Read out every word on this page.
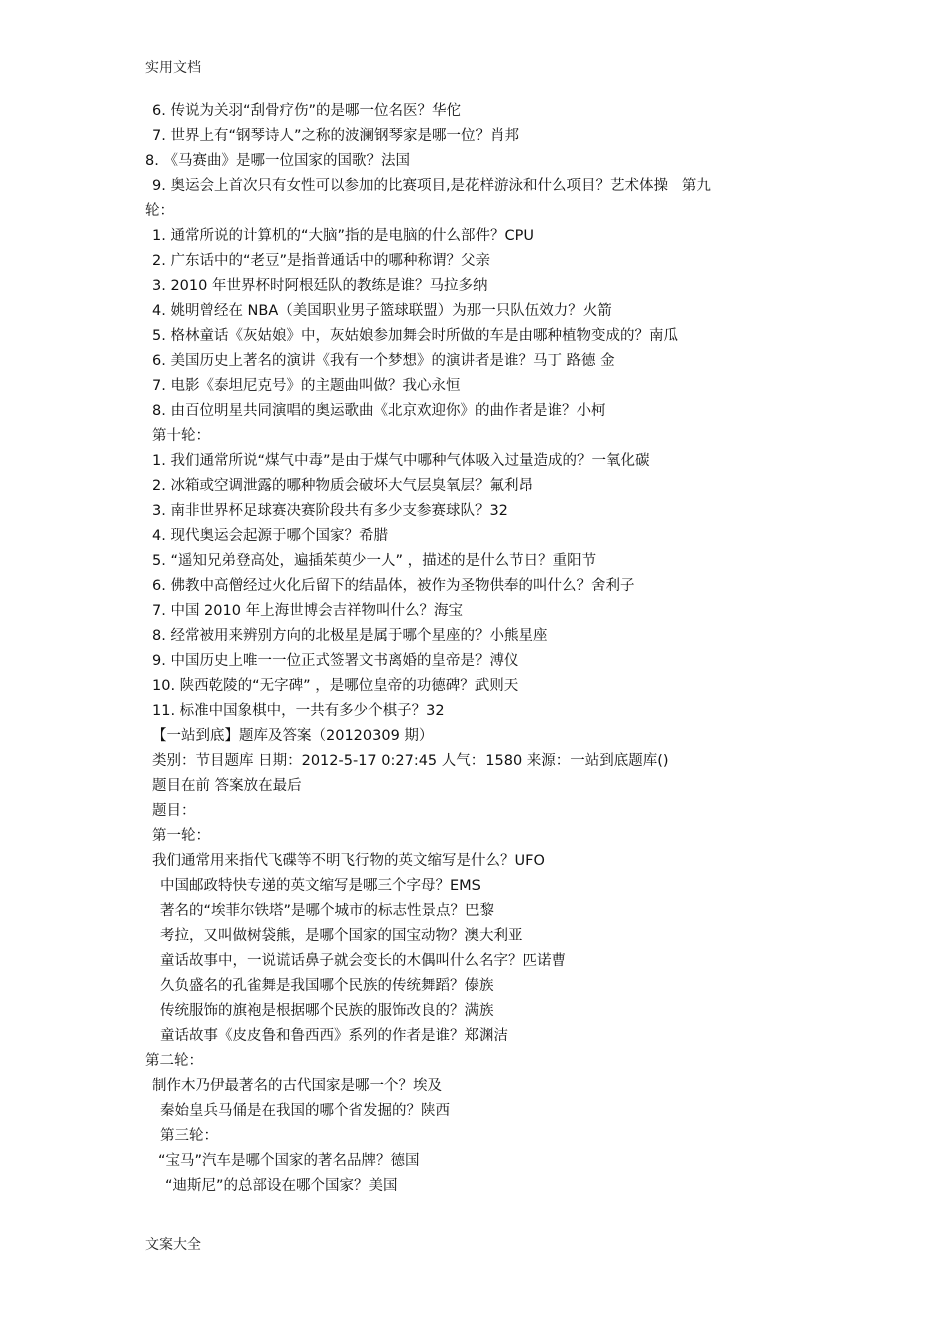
实用文档
6. 传说为关羽“刮骨疗伤”的是哪一位名医？华佗
7. 世界上有“钢琴诗人”之称的波澜钢琴家是哪一位？肖邦
8. 《马赛曲》是哪一位国家的国歌？法国
9. 奥运会上首次只有女性可以参加的比赛项目,是花样游泳和什么项目？艺术体操   第九
轮：
1. 通常所说的计算机的“大脑”指的是电脑的什么部件？CPU
2. 广东话中的“老豆”是指普通话中的哪种称谓？父亲
3. 2010 年世界杯时阿根廷队的教练是谁？马拉多纳
4. 姚明曾经在 NBA（美国职业男子篮球联盟）为那一只队伍效力？火箭
5. 格林童话《灰姑娘》中，灰姑娘参加舞会时所做的车是由哪种植物变成的？南瓜
6. 美国历史上著名的演讲《我有一个梦想》的演讲者是谁？马丁 路德 金
7. 电影《泰坦尼克号》的主题曲叫做？我心永恒
8. 由百位明星共同演唱的奥运歌曲《北京欢迎你》的曲作者是谁？小柯
第十轮：
1. 我们通常所说“煤气中毒”是由于煤气中哪种气体吸入过量造成的？一氧化碳
2. 冰箱或空调泄露的哪种物质会破坏大气层臭氧层？氟利昂
3. 南非世界杯足球赛决赛阶段共有多少支参赛球队？32
4. 现代奥运会起源于哪个国家？希腊
5. “遥知兄弟登高处，遍插茱萸少一人” ，描述的是什么节日？重阳节
6. 佛教中高僧经过火化后留下的结晶体，被作为圣物供奉的叫什么？舍利子
7. 中国 2010 年上海世博会吉祥物叫什么？海宝
8. 经常被用来辨别方向的北极星是属于哪个星座的？小熊星座
9. 中国历史上唯一一位正式签署文书离婚的皇帝是？溥仪
10. 陕西乾陵的“无字碑” ，是哪位皇帝的功德碑？武则天
11. 标准中国象棋中，一共有多少个棋子？32
【一站到底】题库及答案（20120309 期）
类别：节目题库 日期：2012-5-17 0:27:45 人气：1580 来源：一站到底题库()
题目在前 答案放在最后
题目：
第一轮：
我们通常用来指代飞碟等不明飞行物的英文缩写是什么？UFO
中国邮政特快专递的英文缩写是哪三个字母？EMS
著名的“埃菲尔铁塔”是哪个城市的标志性景点？巴黎
考拉，又叫做树袋熊，是哪个国家的国宝动物？澳大利亚
童话故事中，一说谎话鼻子就会变长的木偶叫什么名字？匹诺曹
久负盛名的孔雀舞是我国哪个民族的传统舞蹈？傣族
传统服饰的旗袍是根据哪个民族的服饰改良的？满族
童话故事《皮皮鲁和鲁西西》系列的作者是谁？郑渊洁
第二轮：
制作木乃伊最著名的古代国家是哪一个？埃及
秦始皇兵马俑是在我国的哪个省发掘的？陕西
第三轮：
“宝马”汽车是哪个国家的著名品牌？德国
“迪斯尼”的总部设在哪个国家？美国
文案大全
